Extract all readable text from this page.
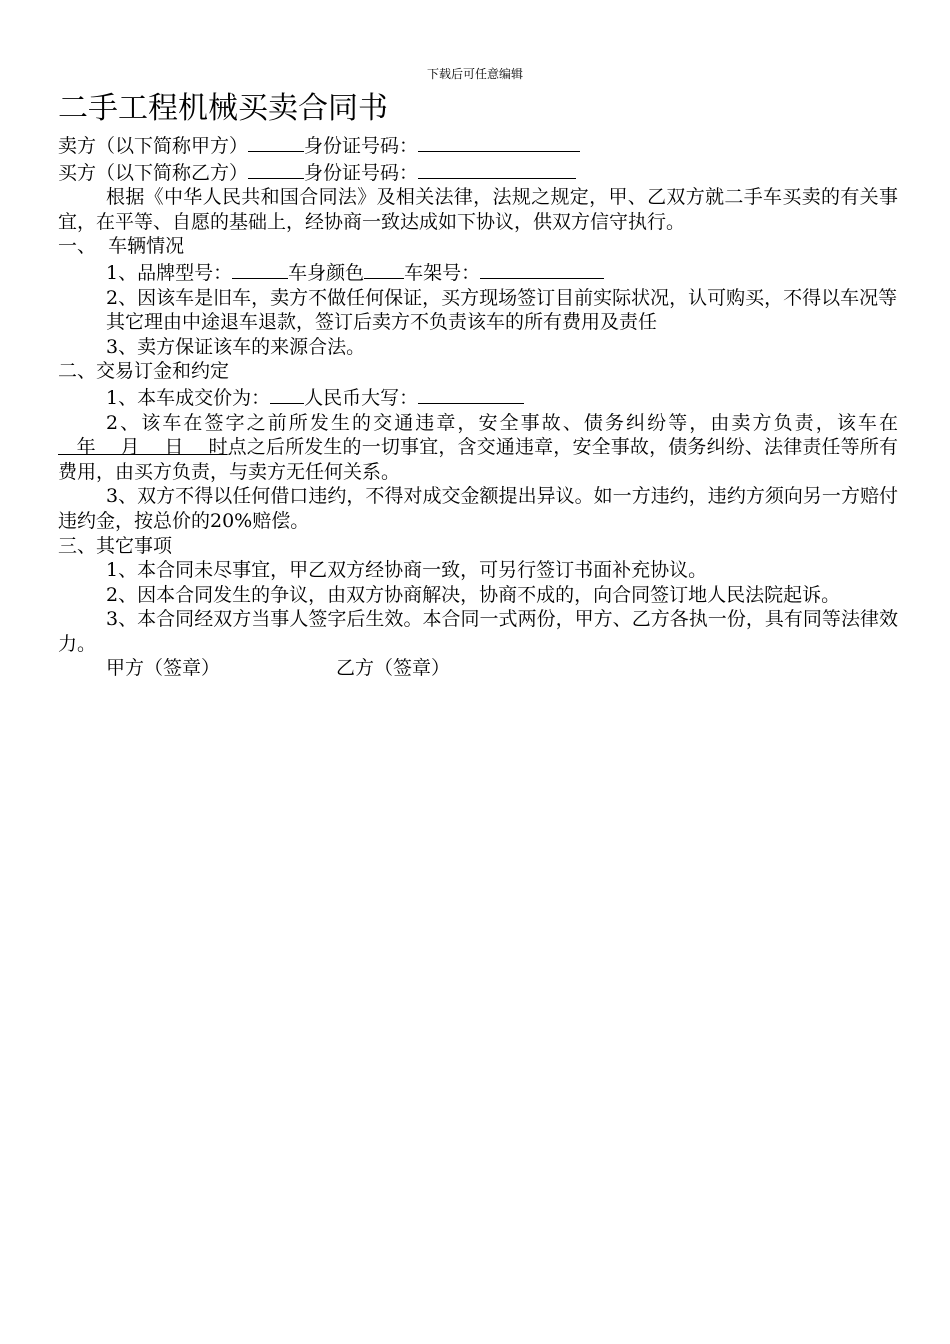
下载后可任意编辑
二手工程机械买卖合同书
卖方（以下简称甲方）	身份证号码：
买方（以下简称乙方）	身份证号码：
根据《中华人民共和国合同法》及相关法律，法规之规定，甲、乙双方就二手车买卖的有关事宜，在平等、自愿的基础上，经协商一致达成如下协议，供双方信守执行。
一、  车辆情况
1、品牌型号：	车身颜色 车架号：
2、因该车是旧车，卖方不做任何保证，买方现场签订目前实际状况，认可购买，不得以车况等其它理由中途退车退款，签订后卖方不负责该车的所有费用及责任
3、卖方保证该车的来源合法。
二、交易订金和约定
1、本车成交价为： 人民币大写：
2、该车在签字之前所发生的交通违章，安全事故、债务纠纷等，由卖方负责，该车在   年    月    日    时点之后所发生的一切事宜，含交通违章，安全事故，债务纠纷、法律责任等所有费用，由买方负责，与卖方无任何关系。
3、双方不得以任何借口违约，不得对成交金额提出异议。如一方违约，违约方须向另一方赔付违约金，按总价的20%赔偿。
三、其它事项
1、本合同未尽事宜，甲乙双方经协商一致，可另行签订书面补充协议。
2、因本合同发生的争议，由双方协商解决，协商不成的，向合同签订地人民法院起诉。
3、本合同经双方当事人签字后生效。本合同一式两份，甲方、乙方各执一份，具有同等法律效力。
甲方（签章）	乙方（签章）
